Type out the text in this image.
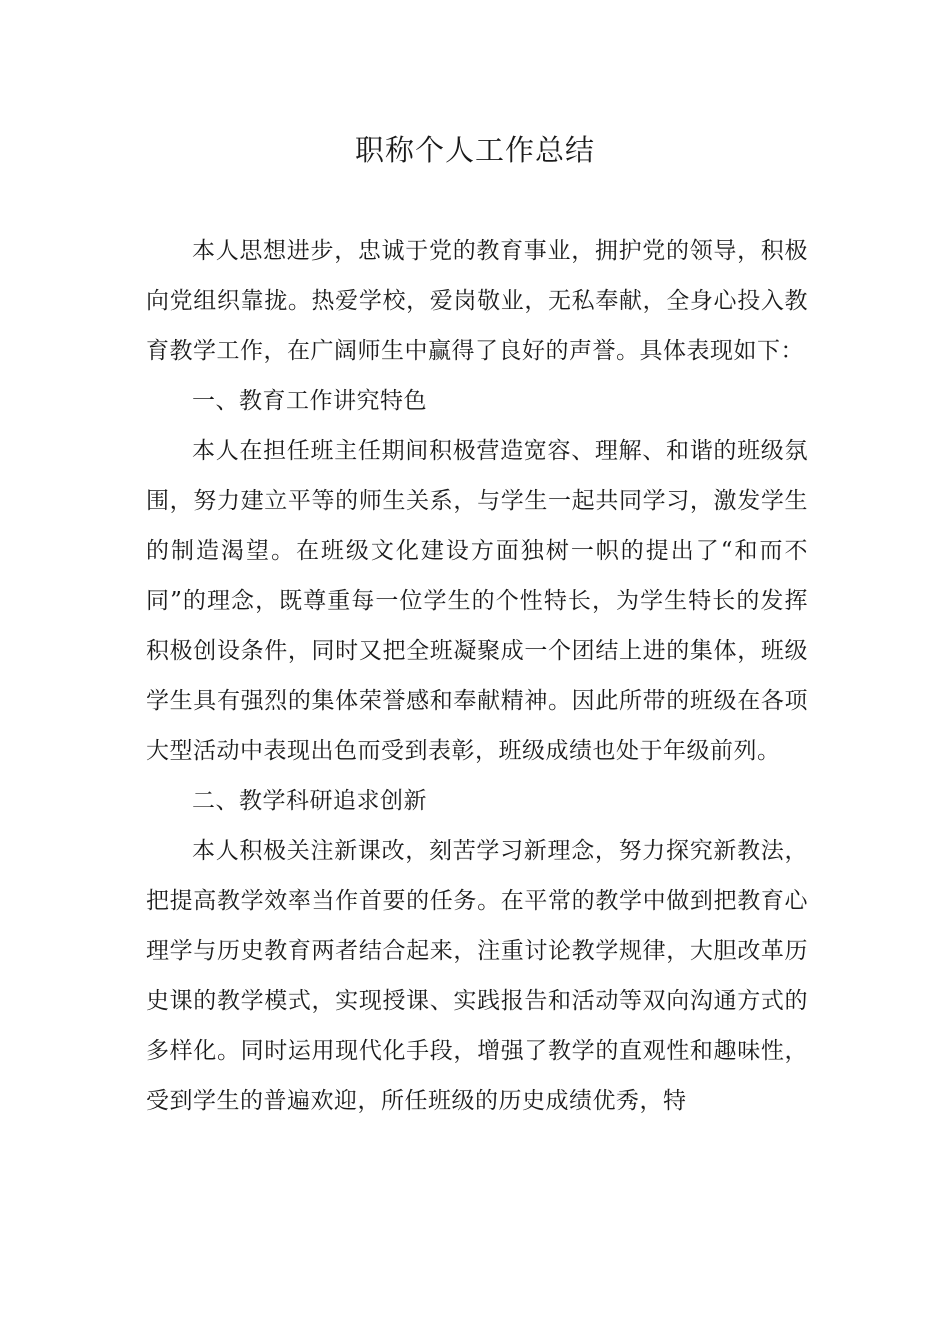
职称个人工作总结

本人思想进步，忠诚于党的教育事业，拥护党的领导，积极向党组织靠拢。热爱学校，爱岗敬业，无私奉献，全身心投入教育教学工作，在广阔师生中赢得了良好的声誉。具体表现如下：

一、教育工作讲究特色

本人在担任班主任期间积极营造宽容、理解、和谐的班级氛围，努力建立平等的师生关系，与学生一起共同学习，激发学生的制造渴望。在班级文化建设方面独树一帜的提出了“和而不同”的理念，既尊重每一位学生的个性特长，为学生特长的发挥积极创设条件，同时又把全班凝聚成一个团结上进的集体，班级学生具有强烈的集体荣誉感和奉献精神。因此所带的班级在各项大型活动中表现出色而受到表彰，班级成绩也处于年级前列。

二、教学科研追求创新

本人积极关注新课改，刻苦学习新理念，努力探究新教法，把提高教学效率当作首要的任务。在平常的教学中做到把教育心理学与历史教育两者结合起来，注重讨论教学规律，大胆改革历史课的教学模式，实现授课、实践报告和活动等双向沟通方式的多样化。同时运用现代化手段，增强了教学的直观性和趣味性，受到学生的普遍欢迎，所任班级的历史成绩优秀，特
